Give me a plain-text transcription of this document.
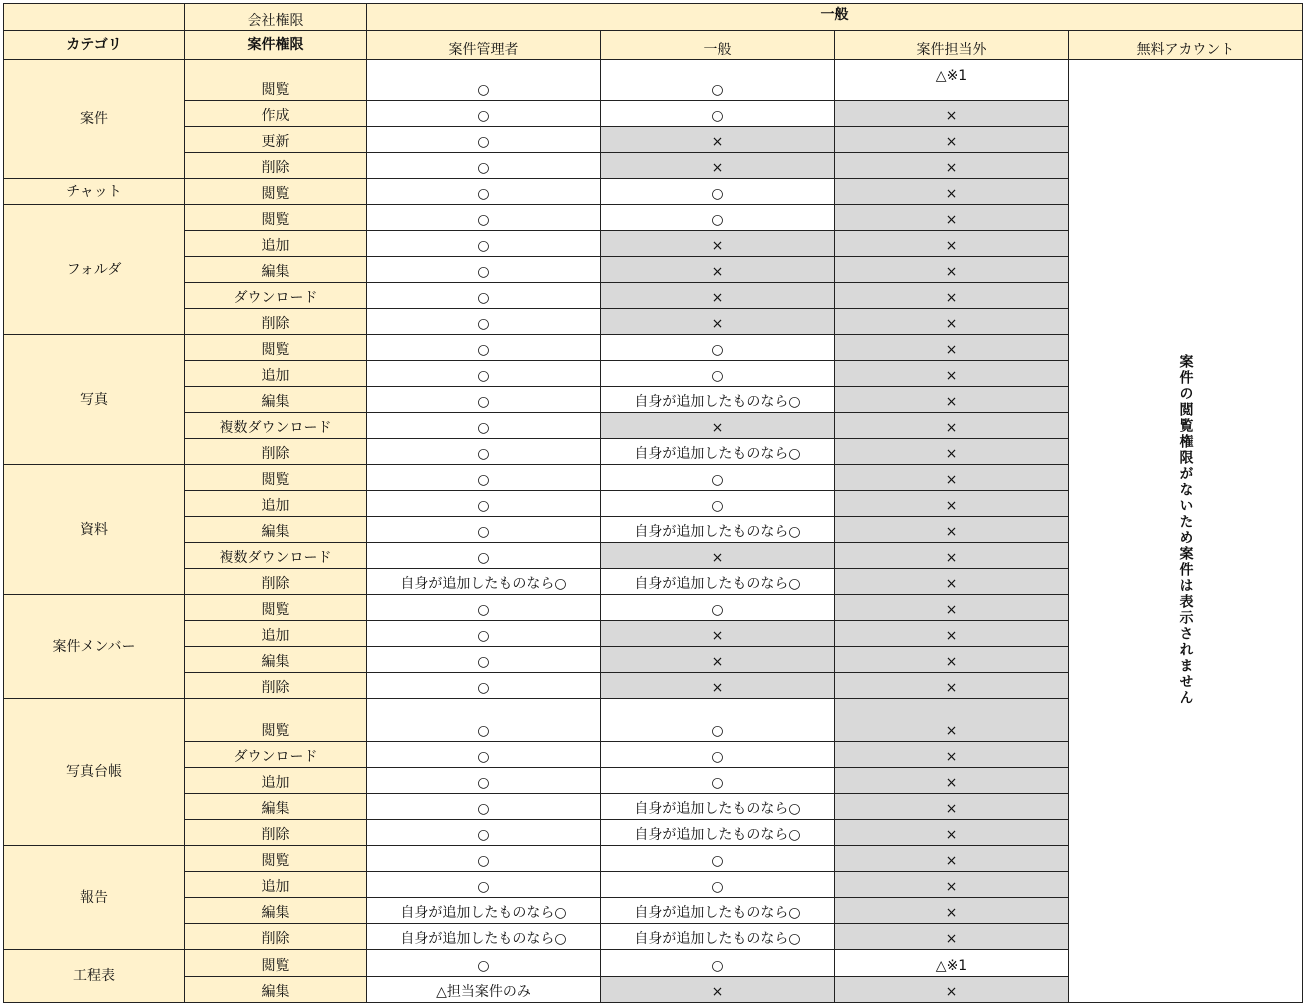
	会社権限	一般			
カテゴリ	案件権限	案件管理者	一般	案件担当外	無料アカウント
案件	閲覧	○	○	△※1	案件の閲覧権限がないため案件は表示されません
	作成	○	○	×	
	更新	○	×	×	
	削除	○	×	×	
チャット	閲覧	○	○	×	
フォルダ	閲覧	○	○	×	
	追加	○	×	×	
	編集	○	×	×	
	ダウンロード	○	×	×	
	削除	○	×	×	
写真	閲覧	○	○	×	
	追加	○	○	×	
	編集	○	自身が追加したものなら○	×	
	複数ダウンロード	○	×	×	
	削除	○	自身が追加したものなら○	×	
資料	閲覧	○	○	×	
	追加	○	○	×	
	編集	○	自身が追加したものなら○	×	
	複数ダウンロード	○	×	×	
	削除	自身が追加したものなら○	自身が追加したものなら○	×	
案件メンバー	閲覧	○	○	×	
	追加	○	×	×	
	編集	○	×	×	
	削除	○	×	×	
写真台帳	閲覧	○	○	×	
	ダウンロード	○	○	×	
	追加	○	○	×	
	編集	○	自身が追加したものなら○	×	
	削除	○	自身が追加したものなら○	×	
報告	閲覧	○	○	×	
	追加	○	○	×	
	編集	自身が追加したものなら○	自身が追加したものなら○	×	
	削除	自身が追加したものなら○	自身が追加したものなら○	×	
工程表	閲覧	○	○	△※1	
	編集	△担当案件のみ	×	×	
